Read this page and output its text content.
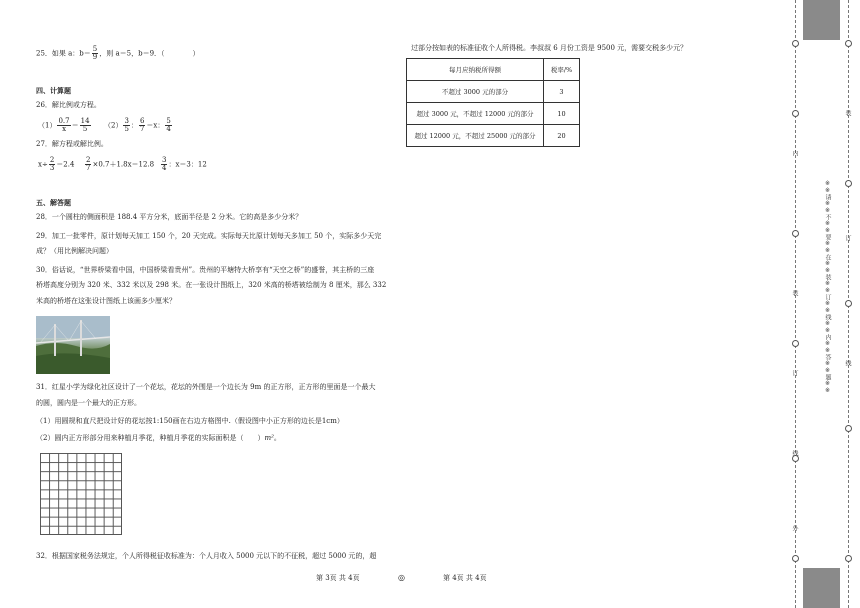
25．如果 a：$b= \frac{5}{9}$ ，则 a＝5，b＝9．（　　　　）
四、计算题
26．解比例或方程。
$(1) \frac{0.7}{x} = \frac{14}{5} (2) \frac{3}{5}$ ： $\frac{6}{7} =x$： $\frac{5}{4}$
27．解方程或解比例。
$x\div \frac{2}{3} =2.4 \frac{2}{7} \times 0.7+1.8x=12.8 \frac{3}{4}$ ：x＝3：12
五、解答题
28．一个圆柱的侧面积是 188.4 平方分米，底面半径是 2 分米。它的高是多少分米？
29．加工一批零件，原计划每天加工 150 个，20 天完成。实际每天比原计划每天多加工 50 个，实际多少天完
成？（用比例解决问题）
30．俗话说，“世界桥梁看中国，中国桥梁看贵州”。贵州的平塘特大桥享有“天空之桥”的盛誉，其主桥的三座
桥塔高度分别为 320 米、332 米以及 298 米。在一张设计图纸上，320 米高的桥塔被绘制为 8 厘米，那么 332
米高的桥塔在这张设计图纸上该画多少厘米？
31．红星小学为绿化社区设计了一个花坛，花坛的外围是一个边长为 9m 的正方形，正方形的里面是一个最大
的圆，圆内是一个最大的正方形。
（1）用圆规和直尺把设计好的花坛按1:150画在右边方格图中.（假设图中小正方形的边长是1cm）
（2）圆内正方形部分用来种植月季花，种植月季花的实际面积是（　　）m²。
32．根据国家税务法规定，个人所得税征收标准为：个人月收入 5000 元以下的不征税，超过 5000 元的，超
第 3页 共 4页	◎
过部分按如表的标准征收个人所得税。李叔叔 6 月份工资是 9500 元，需要交税多少元？
每月应纳税所得额	税率/%
不超过 3000 元的部分	3
超过 3000 元，不超过 12000 元的部分	10
超过 12000 元，不超过 25000 元的部分	20
第 4页 共 4页
※※请※※不※※要※※在※※装※※订※※线※※内※※答※※题※※
内
装
订
线
外
装
订
线
